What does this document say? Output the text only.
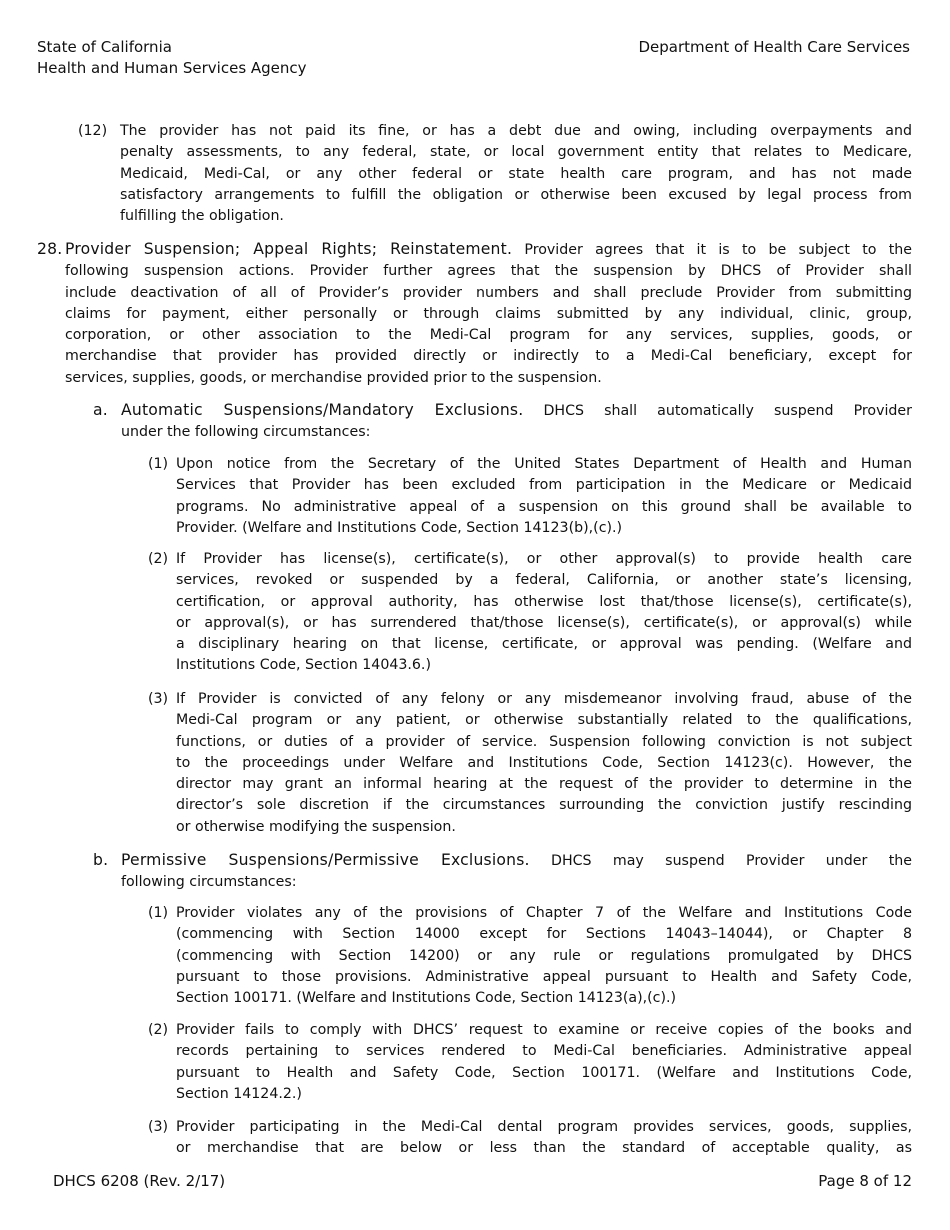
State of California
Health and Human Services Agency
Department of Health Care Services
(12) The provider has not paid its fine, or has a debt due and owing, including overpayments and
penalty assessments, to any federal, state, or local government entity that relates to Medicare,
Medicaid, Medi-Cal, or any other federal or state health care program, and has not made
satisfactory arrangements to fulfill the obligation or otherwise been excused by legal process from
fulfilling the obligation.
28. Provider Suspension; Appeal Rights; Reinstatement. Provider agrees that it is to be subject to the
following suspension actions. Provider further agrees that the suspension by DHCS of Provider shall
include deactivation of all of Provider’s provider numbers and shall preclude Provider from submitting
claims for payment, either personally or through claims submitted by any individual, clinic, group,
corporation, or other association to the Medi-Cal program for any services, supplies, goods, or
merchandise that provider has provided directly or indirectly to a Medi-Cal beneficiary, except for
services, supplies, goods, or merchandise provided prior to the suspension.
a. Automatic Suspensions/Mandatory Exclusions. DHCS shall automatically suspend Provider
under the following circumstances:
(1) Upon notice from the Secretary of the United States Department of Health and Human
Services that Provider has been excluded from participation in the Medicare or Medicaid
programs. No administrative appeal of a suspension on this ground shall be available to
Provider. (Welfare and Institutions Code, Section 14123(b),(c).)
(2) If Provider has license(s), certificate(s), or other approval(s) to provide health care
services, revoked or suspended by a federal, California, or another state’s licensing,
certification, or approval authority, has otherwise lost that/those license(s), certificate(s),
or approval(s), or has surrendered that/those license(s), certificate(s), or approval(s) while
a disciplinary hearing on that license, certificate, or approval was pending. (Welfare and
Institutions Code, Section 14043.6.)
(3) If Provider is convicted of any felony or any misdemeanor involving fraud, abuse of the
Medi-Cal program or any patient, or otherwise substantially related to the qualifications,
functions, or duties of a provider of service. Suspension following conviction is not subject
to the proceedings under Welfare and Institutions Code, Section 14123(c). However, the
director may grant an informal hearing at the request of the provider to determine in the
director’s sole discretion if the circumstances surrounding the conviction justify rescinding
or otherwise modifying the suspension.
b. Permissive Suspensions/Permissive Exclusions. DHCS may suspend Provider under the
following circumstances:
(1) Provider violates any of the provisions of Chapter 7 of the Welfare and Institutions Code
(commencing with Section 14000 except for Sections 14043–14044), or Chapter 8
(commencing with Section 14200) or any rule or regulations promulgated by DHCS
pursuant to those provisions. Administrative appeal pursuant to Health and Safety Code,
Section 100171. (Welfare and Institutions Code, Section 14123(a),(c).)
(2) Provider fails to comply with DHCS’ request to examine or receive copies of the books and
records pertaining to services rendered to Medi-Cal beneficiaries. Administrative appeal
pursuant to Health and Safety Code, Section 100171. (Welfare and Institutions Code,
Section 14124.2.)
(3) Provider participating in the Medi-Cal dental program provides services, goods, supplies,
or merchandise that are below or less than the standard of acceptable quality, as
DHCS 6208 (Rev. 2/17)	Page 8 of 12
